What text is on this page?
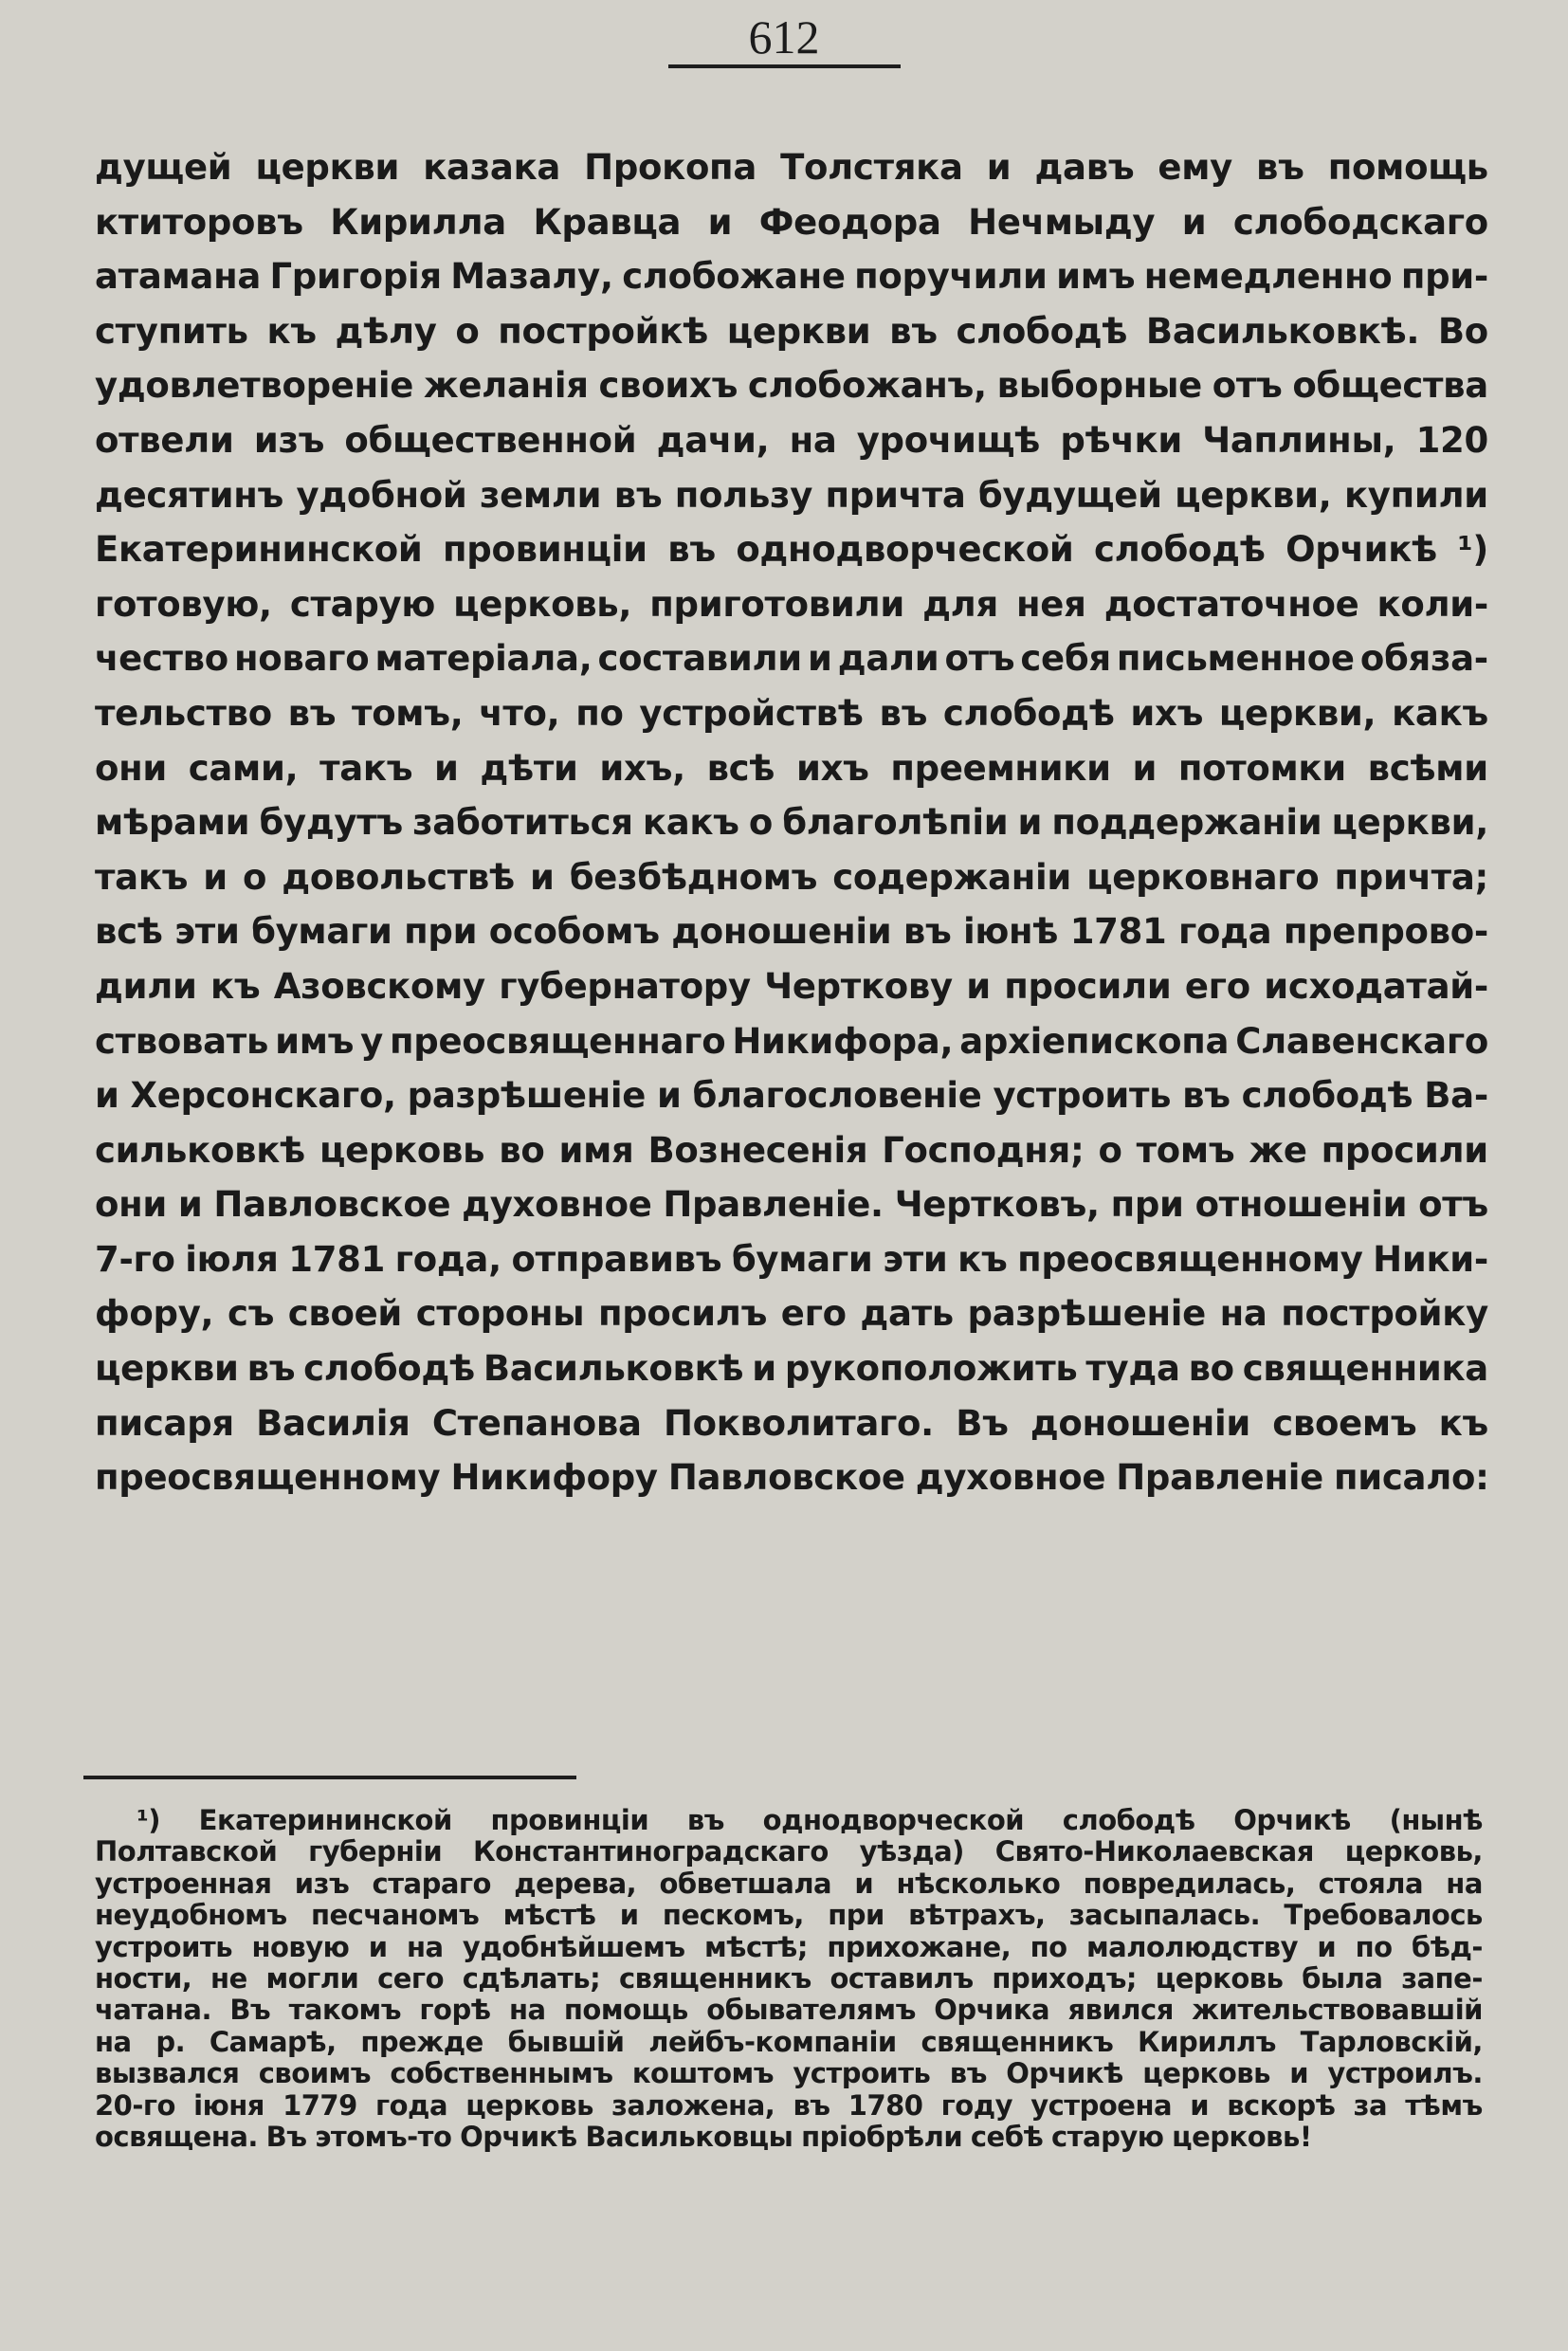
612
дущей церкви казака Прокопа Толстяка и давъ ему въ помощь
ктиторовъ Кирилла Кравца и Феодора Нечмыду и слободскаго
атамана Григорія Мазалу, слобожане поручили имъ немедленно при-
ступить къ дѣлу о постройкѣ церкви въ слободѣ Васильковкѣ. Во
удовлетвореніе желанія своихъ слобожанъ, выборные отъ общества
отвели изъ общественной дачи, на урочищѣ рѣчки Чаплины, 120
десятинъ удобной земли въ пользу причта будущей церкви, купили
Екатерининской провинціи въ однодворческой слободѣ Орчикѣ ¹)
готовую, старую церковь, приготовили для нея достаточное коли-
чество новаго матеріала, составили и дали отъ себя письменное обяза-
тельство въ томъ, что, по устройствѣ въ слободѣ ихъ церкви, какъ
они сами, такъ и дѣти ихъ, всѣ ихъ преемники и потомки всѣми
мѣрами будутъ заботиться какъ о благолѣпіи и поддержаніи церкви,
такъ и о довольствѣ и безбѣдномъ содержаніи церковнаго причта;
всѣ эти бумаги при особомъ доношеніи въ іюнѣ 1781 года препрово-
дили къ Азовскому губернатору Черткову и просили его исходатай-
ствовать имъ у преосвященнаго Никифора, архіепископа Славенскаго
и Херсонскаго, разрѣшеніе и благословеніе устроить въ слободѣ Ва-
сильковкѣ церковь во имя Вознесенія Господня; о томъ же просили
они и Павловское духовное Правленіе. Чертковъ, при отношеніи отъ
7-го іюля 1781 года, отправивъ бумаги эти къ преосвященному Ники-
фору, съ своей стороны просилъ его дать разрѣшеніе на постройку
церкви въ слободѣ Васильковкѣ и рукоположить туда во священника
писаря Василія Степанова Покволитаго. Въ доношеніи своемъ къ
преосвященному Никифору Павловское духовное Правленіе писало:
¹) Екатерининской провинціи въ однодворческой слободѣ Орчикѣ (нынѣ
Полтавской губерніи Константиноградскаго уѣзда) Свято-Николаевская церковь,
устроенная изъ стараго дерева, обветшала и нѣсколько повредилась, стояла на
неудобномъ песчаномъ мѣстѣ и пескомъ, при вѣтрахъ, засыпалась. Требовалось
устроить новую и на удобнѣйшемъ мѣстѣ; прихожане, по малолюдству и по бѣд-
ности, не могли сего сдѣлать; священникъ оставилъ приходъ; церковь была запе-
чатана. Въ такомъ горѣ на помощь обывателямъ Орчика явился жительствовавшій
на р. Самарѣ, прежде бывшій лейбъ-компаніи священникъ Кириллъ Тарловскій,
вызвался своимъ собственнымъ коштомъ устроить въ Орчикѣ церковь и устроилъ.
20-го іюня 1779 года церковь заложена, въ 1780 году устроена и вскорѣ за тѣмъ
освящена. Въ этомъ-то Орчикѣ Васильковцы пріобрѣли себѣ старую церковь!
